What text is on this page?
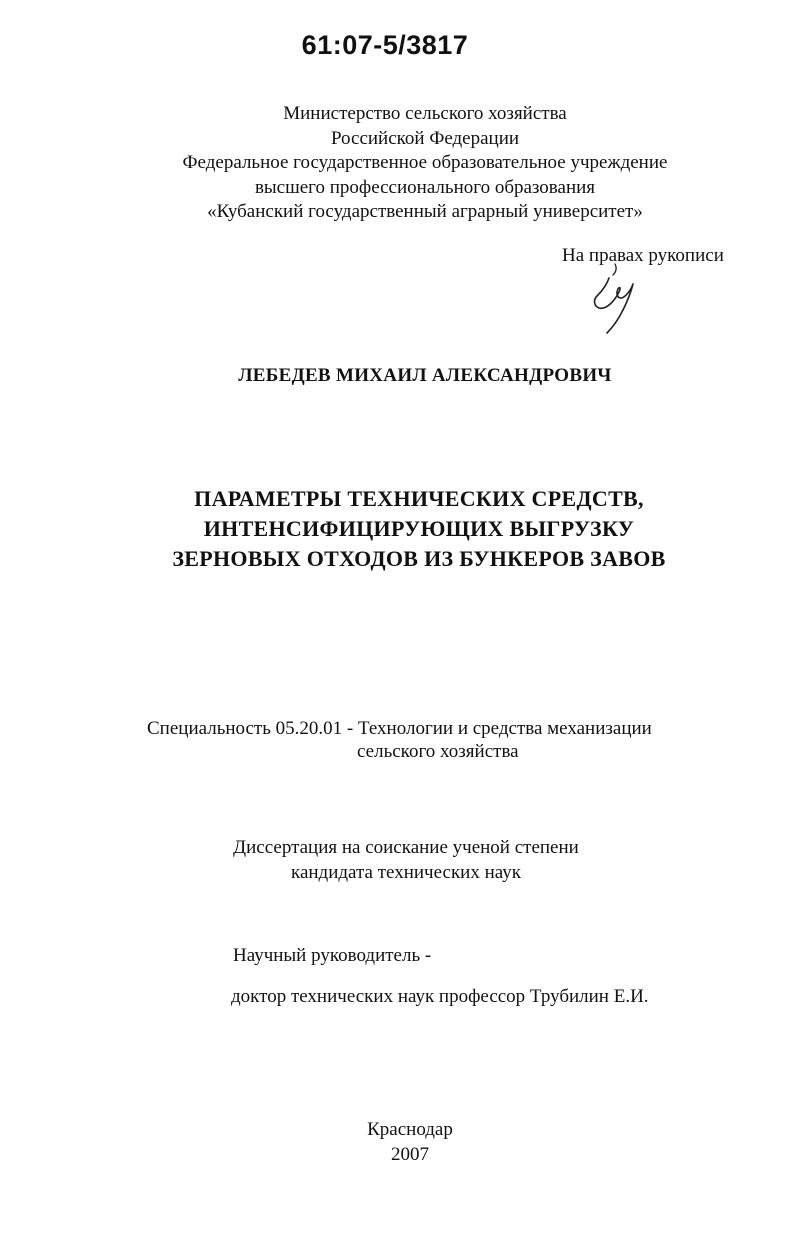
61:07-5/3817
Министерство сельского хозяйства
Российской Федерации
Федеральное государственное образовательное учреждение
высшего профессионального образования
«Кубанский государственный аграрный университет»
На правах рукописи
ЛЕБЕДЕВ МИХАИЛ АЛЕКСАНДРОВИЧ
ПАРАМЕТРЫ ТЕХНИЧЕСКИХ СРЕДСТВ,
ИНТЕНСИФИЦИРУЮЩИХ ВЫГРУЗКУ
ЗЕРНОВЫХ ОТХОДОВ ИЗ БУНКЕРОВ ЗАВОВ
Специальность 05.20.01 - Технологии и средства механизации
сельского хозяйства
Диссертация на соискание ученой степени
кандидата технических наук
Научный руководитель -
доктор технических наук профессор Трубилин Е.И.
Краснодар
2007
